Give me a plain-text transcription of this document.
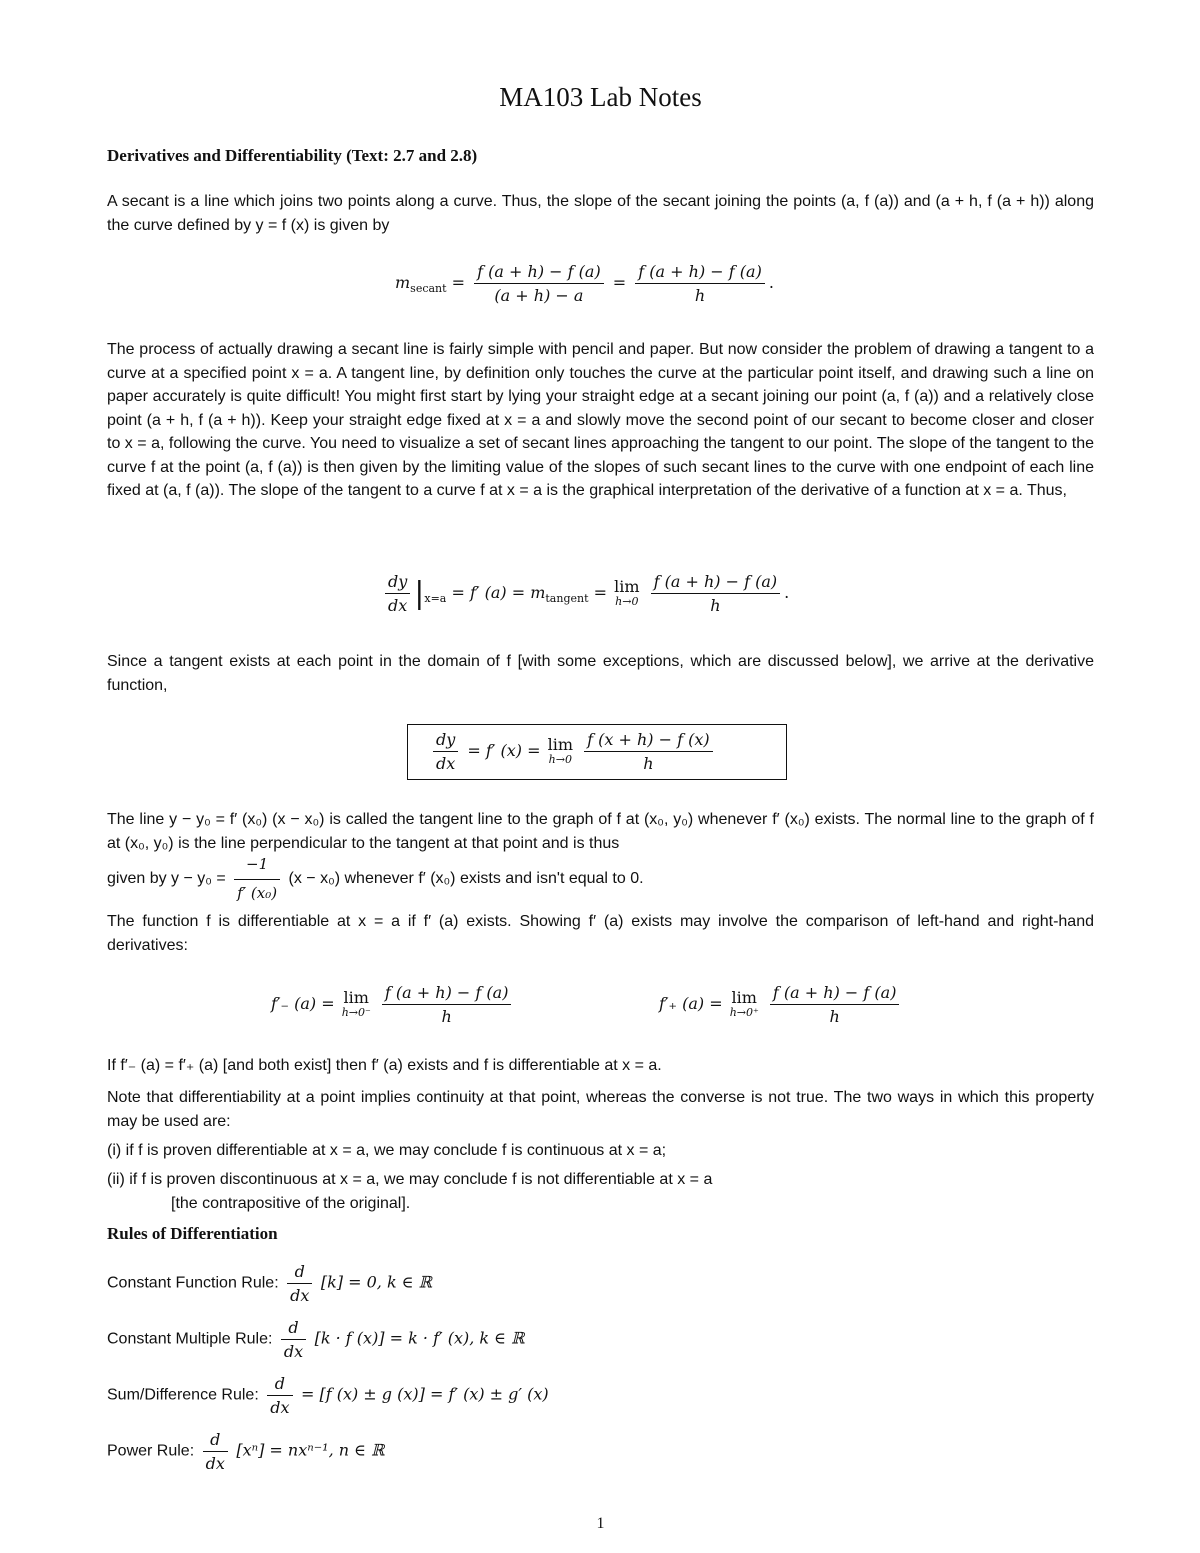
MA103 Lab Notes
Derivatives and Differentiability (Text: 2.7 and 2.8)

A secant is a line which joins two points along a curve. Thus, the slope of the secant joining the points (a, f (a)) and (a + h, f (a + h)) along the curve defined by y = f (x) is given by

$m_{secant} = \frac{f (a + h) - f (a)}{(a + h) - a} = \frac{f (a + h) - f (a)}{h}$ .

The process of actually drawing a secant line is fairly simple with pencil and paper. But now consider the problem of drawing a tangent to a curve at a specified point x = a. A tangent line, by definition only touches the curve at the particular point itself, and drawing such a line on paper accurately is quite difficult! You might first start by lying your straight edge at a secant joining our point (a, f (a)) and a relatively close point (a + h, f (a + h)). Keep your straight edge fixed at x = a and slowly move the second point of our secant to become closer and closer to x = a, following the curve. You need to visualize a set of secant lines approaching the tangent to our point. The slope of the tangent to the curve f at the point (a, f (a)) is then given by the limiting value of the slopes of such secant lines to the curve with one endpoint of each line fixed at (a, f (a)). The slope of the tangent to a curve f at x = a is the graphical interpretation of the derivative of a function at x = a. Thus,

$\frac{dy}{dx} |_{x=a} = f'$ $(a) = m_{tangent} = \lim$
h→0
$\frac{f (a + h) - f (a)}{h}$ .

Since a tangent exists at each point in the domain of f [with some exceptions, which are discussed below], we arrive at the derivative function,

$\frac{dy}{dx} = f'$ (x) = lim
h→0
$\frac{f (x + h) - f (x)}{h}$

The line y − y₀ = f′ (x₀) (x − x₀) is called the tangent line to the graph of f at (x₀, y₀) whenever f′ (x₀) exists. The normal line to the graph of f at (x₀, y₀) is the line perpendicular to the tangent at that point and is thus

given by $y - y_0 = \frac{-1}{\text{f′ (x₀)}} (x - x_0)$ whenever f′ (x₀) exists and isn't equal to 0.

The function f is differentiable at x = a if f′ (a) exists. Showing f′ (a) exists may involve the comparison of left-hand and right-hand derivatives:

f′₋ (a) = lim
h→0⁻
$\frac{f (a + h) - f (a)}{h}$	f′₊ (a) = lim
h→0⁺
$\frac{f (a + h) - f (a)}{h}$

If f′₋ (a) = f′₊ (a) [and both exist] then f′ (a) exists and f is differentiable at x = a.

Note that differentiability at a point implies continuity at that point, whereas the converse is not true. The two ways in which this property may be used are:

(i) if f is proven differentiable at x = a, we may conclude f is continuous at x = a;

(ii) if f is proven discontinuous at x = a, we may conclude f is not differentiable at x = a

[the contrapositive of the original].

Rules of Differentiation
Constant Function Rule: $\frac{d}{dx} [k] = 0$, k ∈ ℝ
Constant Multiple Rule: $\frac{d}{dx} [k \cdot f$ (x)] = k · f′ (x), k ∈ ℝ
Sum/Difference Rule: $\frac{d}{dx} = [f$ (x) ± g (x)] = f′ (x) ± g′ (x)
Power Rule: $\frac{d}{dx} [x^n] = nx^{n-1}$, n ∈ ℝ
1
